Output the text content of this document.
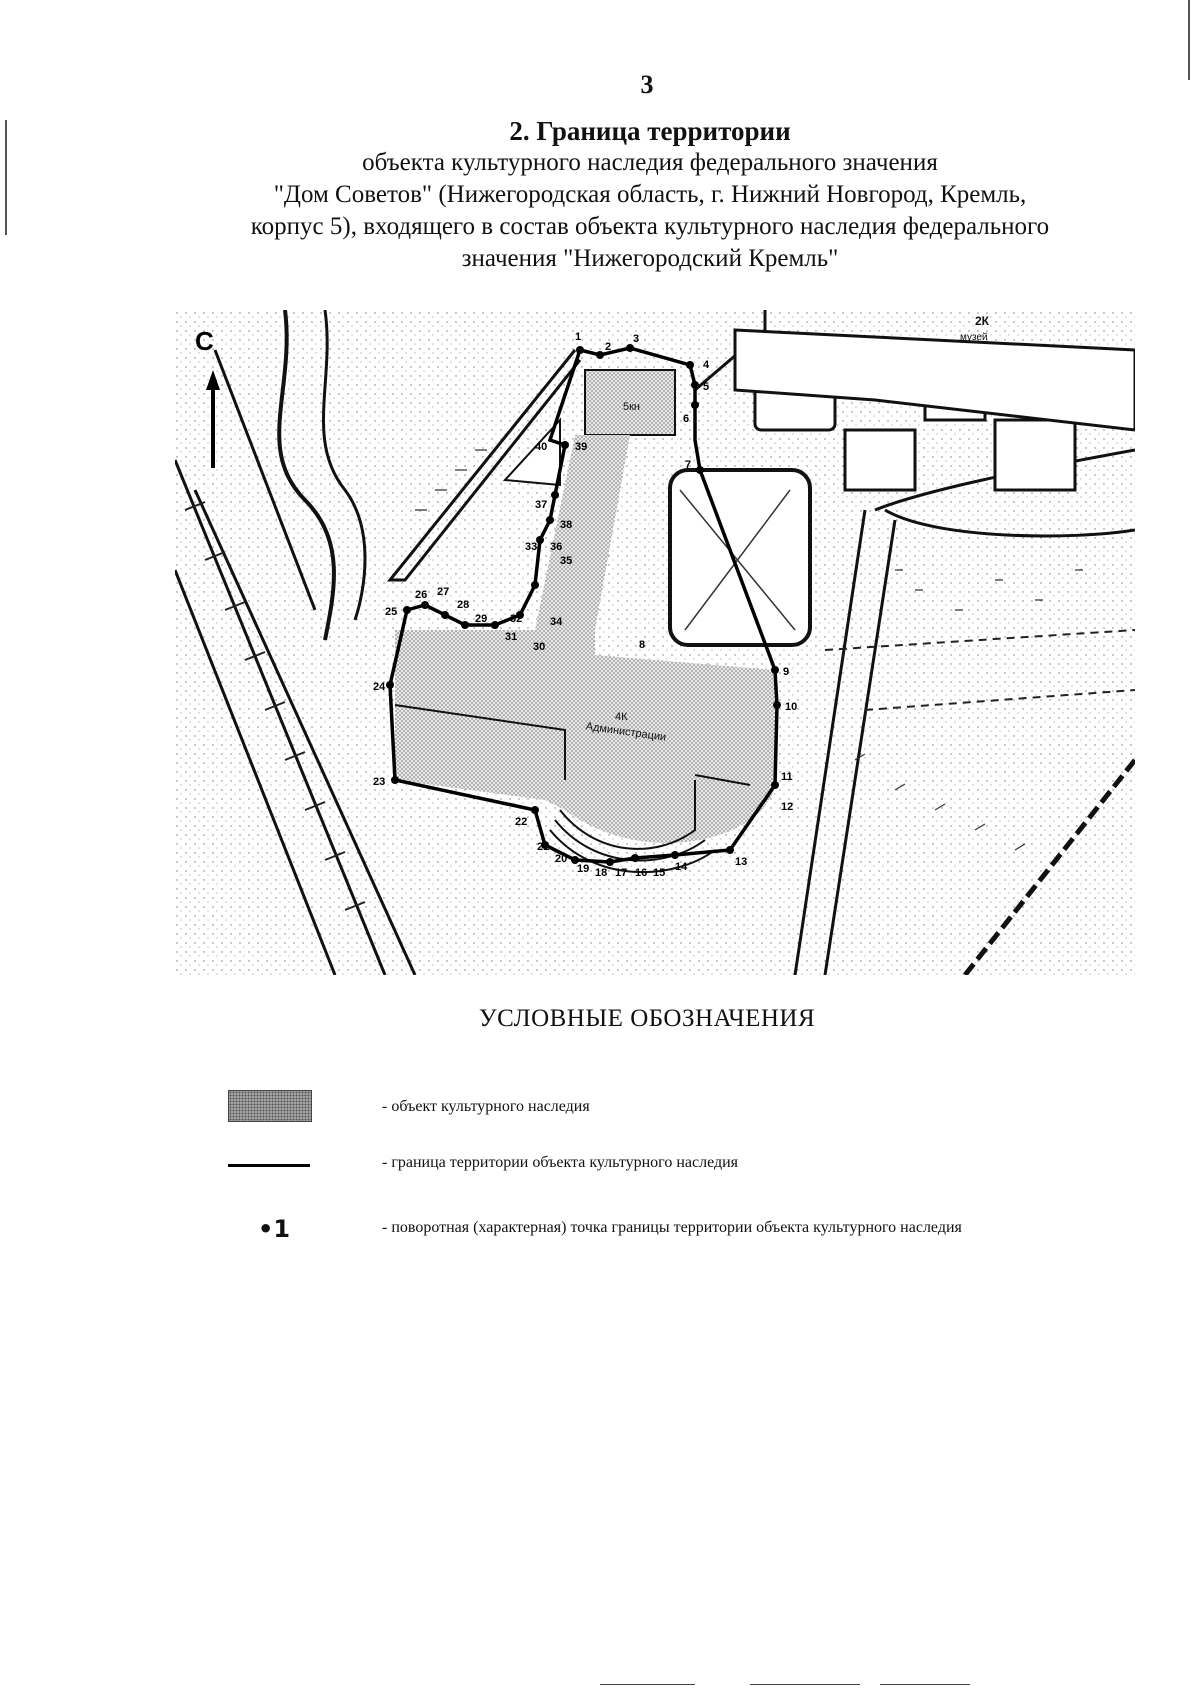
3
2. Граница территории
объекта культурного наследия федерального значения
"Дом Советов" (Нижегородская область, г. Нижний Новгород, Кремль,
корпус 5), входящего в состав объекта культурного наследия федерального
значения "Нижегородский Кремль"
1
2
3
4
5
6
7
8
9
10
11
12
13
14
15
16
17
18
19
20
21
22
23
24
25
26 27
28
29
30
31
32
33
34
35
36
37
38
39
40
5кн
4К
Администрации
2К
музей
С
УСЛОВНЫЕ ОБОЗНАЧЕНИЯ
- объект культурного наследия
- граница территории объекта культурного наследия
•1	- поворотная (характерная) точка границы территории объекта культурного наследия
